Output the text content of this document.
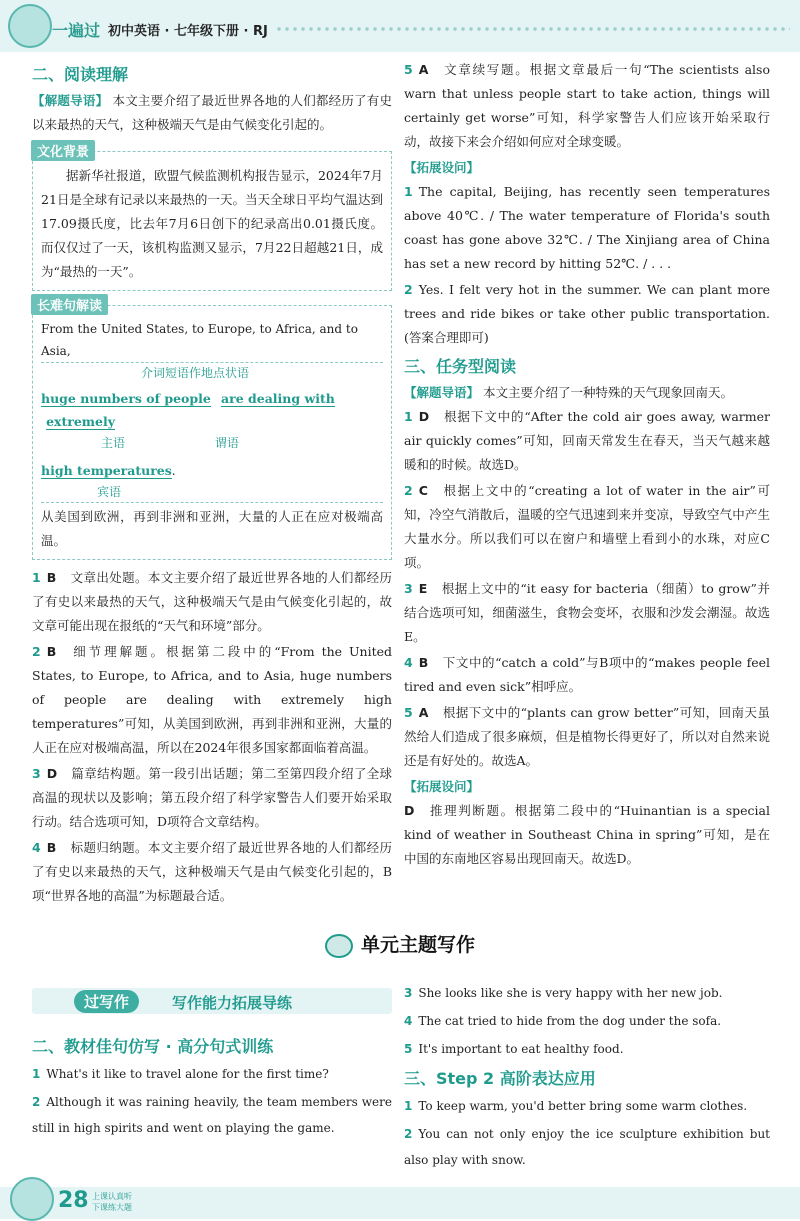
一遍过 初中英语 · 七年级下册 · RJ
二、阅读理解

【解题导语】 本文主要介绍了最近世界各地的人们都经历了有史以来最热的天气，这种极端天气是由气候变化引起的。

文化背景

据新华社报道，欧盟气候监测机构报告显示，2024年7月21日是全球有记录以来最热的一天。当天全球日平均气温达到17.09摄氏度，比去年7月6日创下的纪录高出0.01摄氏度。而仅仅过了一天，该机构监测又显示，7月22日超越21日，成为“最热的一天”。

长难句解读
From the United States, to Europe, to Africa, and to Asia,
介词短语作地点状语
huge numbers of people are dealing with  extremely
主语	谓语
high temperatures.
宾语

从美国到欧洲，再到非洲和亚洲，大量的人正在应对极端高温。

1 B 文章出处题。本文主要介绍了最近世界各地的人们都经历了有史以来最热的天气，这种极端天气是由气候变化引起的，故文章可能出现在报纸的“天气和环境”部分。

2 B 细节理解题。根据第二段中的“From the United States, to Europe, to Africa, and to Asia, huge numbers of people are dealing with extremely high temperatures”可知，从美国到欧洲，再到非洲和亚洲，大量的人正在应对极端高温，所以在2024年很多国家都面临着高温。

3 D 篇章结构题。第一段引出话题；第二至第四段介绍了全球高温的现状以及影响；第五段介绍了科学家警告人们要开始采取行动。结合选项可知，D项符合文章结构。

4 B 标题归纳题。本文主要介绍了最近世界各地的人们都经历了有史以来最热的天气，这种极端天气是由气候变化引起的，B项“世界各地的高温”为标题最合适。

5 A 文章续写题。根据文章最后一句“The scientists also warn that unless people start to take action, things will certainly get worse”可知，科学家警告人们应该开始采取行动，故接下来会介绍如何应对全球变暖。

【拓展设问】

1 The capital, Beijing, has recently seen temperatures above 40℃. / The water temperature of Florida's south coast has gone above 32℃. / The Xinjiang area of China has set a new record by hitting 52℃. / . . .

2 Yes. I felt very hot in the summer. We can plant more trees and ride bikes or take other public transportation. (答案合理即可)

三、任务型阅读

【解题导语】 本文主要介绍了一种特殊的天气现象回南天。

1 D 根据下文中的“After the cold air goes away, warmer air quickly comes”可知，回南天常发生在春天，当天气越来越暖和的时候。故选D。

2 C 根据上文中的“creating a lot of water in the air”可知，冷空气消散后，温暖的空气迅速到来并变凉，导致空气中产生大量水分。所以我们可以在窗户和墙壁上看到小的水珠，对应C项。

3 E 根据上文中的“it easy for bacteria（细菌）to grow”并结合选项可知，细菌滋生，食物会变坏，衣服和沙发会潮湿。故选E。

4 B 下文中的“catch a cold”与B项中的“makes people feel tired and even sick”相呼应。

5 A 根据下文中的“plants can grow better”可知，回南天虽然给人们造成了很多麻烦，但是植物长得更好了，所以对自然来说还是有好处的。故选A。

【拓展设问】

D 推理判断题。根据第二段中的“Huinantian is a special kind of weather in Southeast China in spring”可知，是在中国的东南地区容易出现回南天。故选D。

单元主题写作
过写作	写作能力拓展导练
二、教材佳句仿写 · 高分句式训练

1 What's it like to travel alone for the first time?

2 Although it was raining heavily, the team members were still in high spirits and went on playing the game.

3 She looks like she is very happy with her new job.

4 The cat tried to hide from the dog under the sofa.

5 It's important to eat healthy food.

三、Step 2 高阶表达应用

1 To keep warm, you'd better bring some warm clothes.

2 You can not only enjoy the ice sculpture exhibition but also play with snow.

28 上课认真听
下课练大题
